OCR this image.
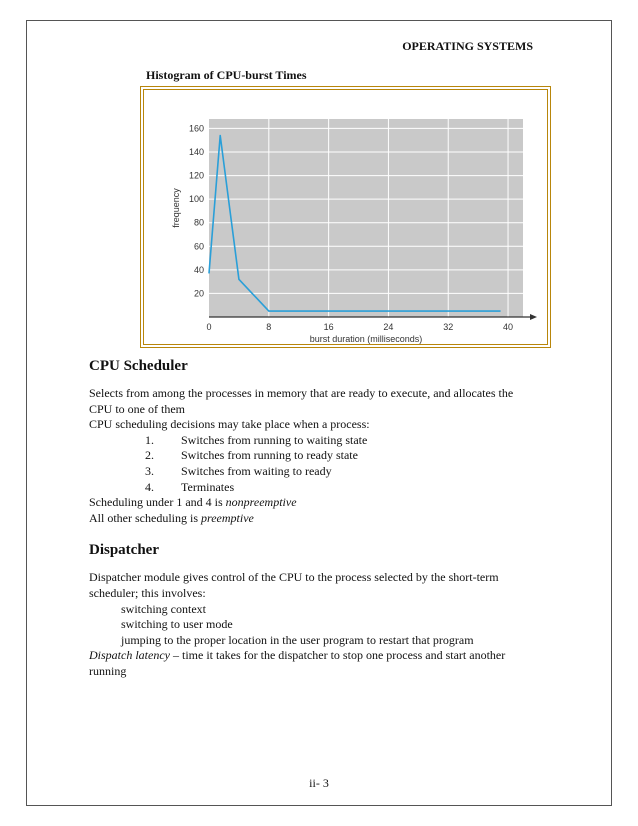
OPERATING SYSTEMS
Histogram of CPU-burst Times
0	8	16	24	32	40
20
40
60
80
100
120
140
160
burst duration (milliseconds)
frequency
CPU Scheduler

Selects from among the processes in memory that are ready to execute, and allocates the CPU to one of them

CPU scheduling decisions may take place when a process:

1.	Switches from running to waiting state
2.	Switches from running to ready state
3.	Switches from waiting to ready
4.	Terminates

Scheduling under 1 and 4 is nonpreemptive

All other scheduling is preemptive

Dispatcher

Dispatcher module gives control of the CPU to the process selected by the short-term scheduler; this involves:

switching context

switching to user mode

jumping to the proper location in the user program to restart that program

Dispatch latency – time it takes for the dispatcher to stop one process and start another running

ii- 3
